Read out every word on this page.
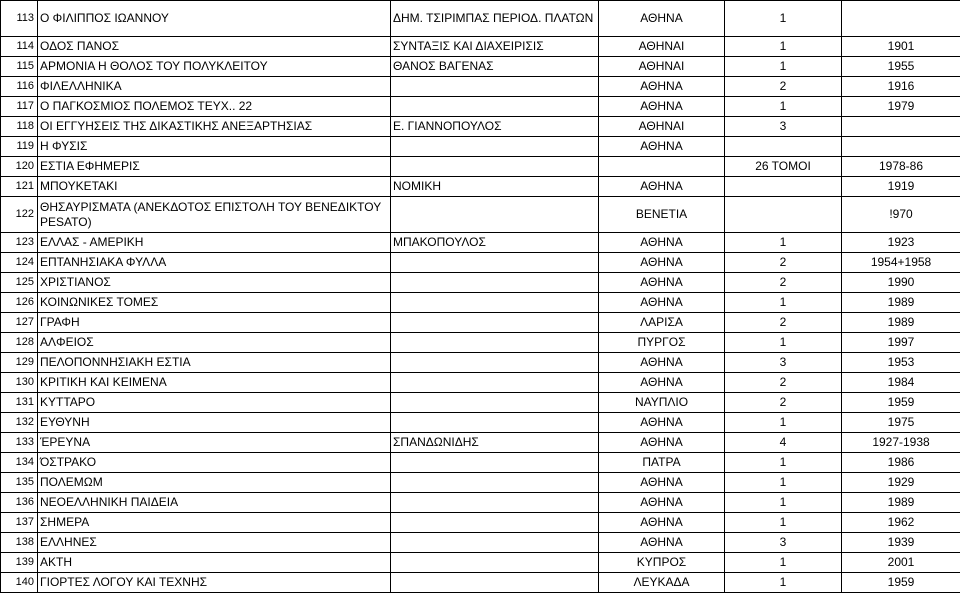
113	Ο ΦΙΛΙΠΠΟΣ ΙΩΑΝΝΟΥ	ΔΗΜ. ΤΣΙΡΙΜΠΑΣ ΠΕΡΙΟΔ. ΠΛΑΤΩΝ	ΑΘΗΝΑ	1	
114	ΟΔΟΣ ΠΑΝΟΣ	ΣΥΝΤΑΞΙΣ ΚΑΙ ΔΙΑΧΕΙΡΙΣΙΣ	ΑΘΗΝΑΙ	1	1901
115	ΑΡΜΟΝΙΑ Η ΘΟΛΟΣ ΤΟΥ ΠΟΛΥΚΛΕΙΤΟΥ	ΘΑΝΟΣ ΒΑΓΕΝΑΣ	ΑΘΗΝΑΙ	1	1955
116	ΦΙΛΕΛΛΗΝΙΚΑ		ΑΘΗΝΑ	2	1916
117	Ο ΠΑΓΚΟΣΜΙΟΣ ΠΟΛΕΜΟΣ ΤΕΥΧ.. 22		ΑΘΗΝΑ	1	1979
118	ΟΙ ΕΓΓΥΗΣΕΙΣ ΤΗΣ ΔΙΚΑΣΤΙΚΗΣ ΑΝΕΞΑΡΤΗΣΙΑΣ	Ε. ΓΙΑΝΝΟΠΟΥΛΟΣ	ΑΘΗΝΑΙ	3	
119	Η ΦΥΣΙΣ		ΑΘΗΝΑ		
120	ΕΣΤΙΑ ΕΦΗΜΕΡΙΣ			26 ΤΟΜΟΙ	1978-86
121	ΜΠΟΥΚΕΤΑΚΙ	ΝΟΜΙΚΗ	ΑΘΗΝΑ		1919
122	ΘΗΣΑΥΡΙΣΜΑΤΑ (ΑΝΕΚΔΟΤΟΣ ΕΠΙΣΤΟΛΗ ΤΟΥ ΒΕΝΕΔΙΚΤΟΥ PESATO)		ΒΕΝΕΤΙΑ		!970
123	ΕΛΛΑΣ - ΑΜΕΡΙΚΗ	ΜΠΑΚΟΠΟΥΛΟΣ	ΑΘΗΝΑ	1	1923
124	ΕΠΤΑΝΗΣΙΑΚΑ ΦΥΛΛΑ		ΑΘΗΝΑ	2	1954+1958
125	ΧΡΙΣΤΙΑΝΟΣ		ΑΘΗΝΑ	2	1990
126	ΚΟΙΝΩΝΙΚΕΣ ΤΟΜΕΣ		ΑΘΗΝΑ	1	1989
127	ΓΡΑΦΗ		ΛΑΡΙΣΑ	2	1989
128	ΑΛΦΕΙΟΣ		ΠΥΡΓΟΣ	1	1997
129	ΠΕΛΟΠΟΝΝΗΣΙΑΚΗ ΕΣΤΙΑ		ΑΘΗΝΑ	3	1953
130	ΚΡΙΤΙΚΗ ΚΑΙ ΚΕΙΜΕΝΑ		ΑΘΗΝΑ	2	1984
131	ΚΥΤΤΑΡΟ		ΝΑΥΠΛΙΟ	2	1959
132	ΕΥΘΥΝΗ		ΑΘΗΝΑ	1	1975
133	ΈΡΕΥΝΑ	ΣΠΑΝΔΩΝΙΔΗΣ	ΑΘΗΝΑ	4	1927-1938
134	ΌΣΤΡΑΚΟ		ΠΑΤΡΑ	1	1986
135	ΠΟΛΕΜΩΜ		ΑΘΗΝΑ	1	1929
136	ΝΕΟΕΛΛΗΝΙΚΗ ΠΑΙΔΕΙΑ		ΑΘΗΝΑ	1	1989
137	ΣΗΜΕΡΑ		ΑΘΗΝΑ	1	1962
138	ΕΛΛΗΝΕΣ		ΑΘΗΝΑ	3	1939
139	ΑΚΤΗ		ΚΥΠΡΟΣ	1	2001
140	ΓΙΟΡΤΕΣ ΛΟΓΟΥ ΚΑΙ ΤΕΧΝΗΣ		ΛΕΥΚΑΔΑ	1	1959
